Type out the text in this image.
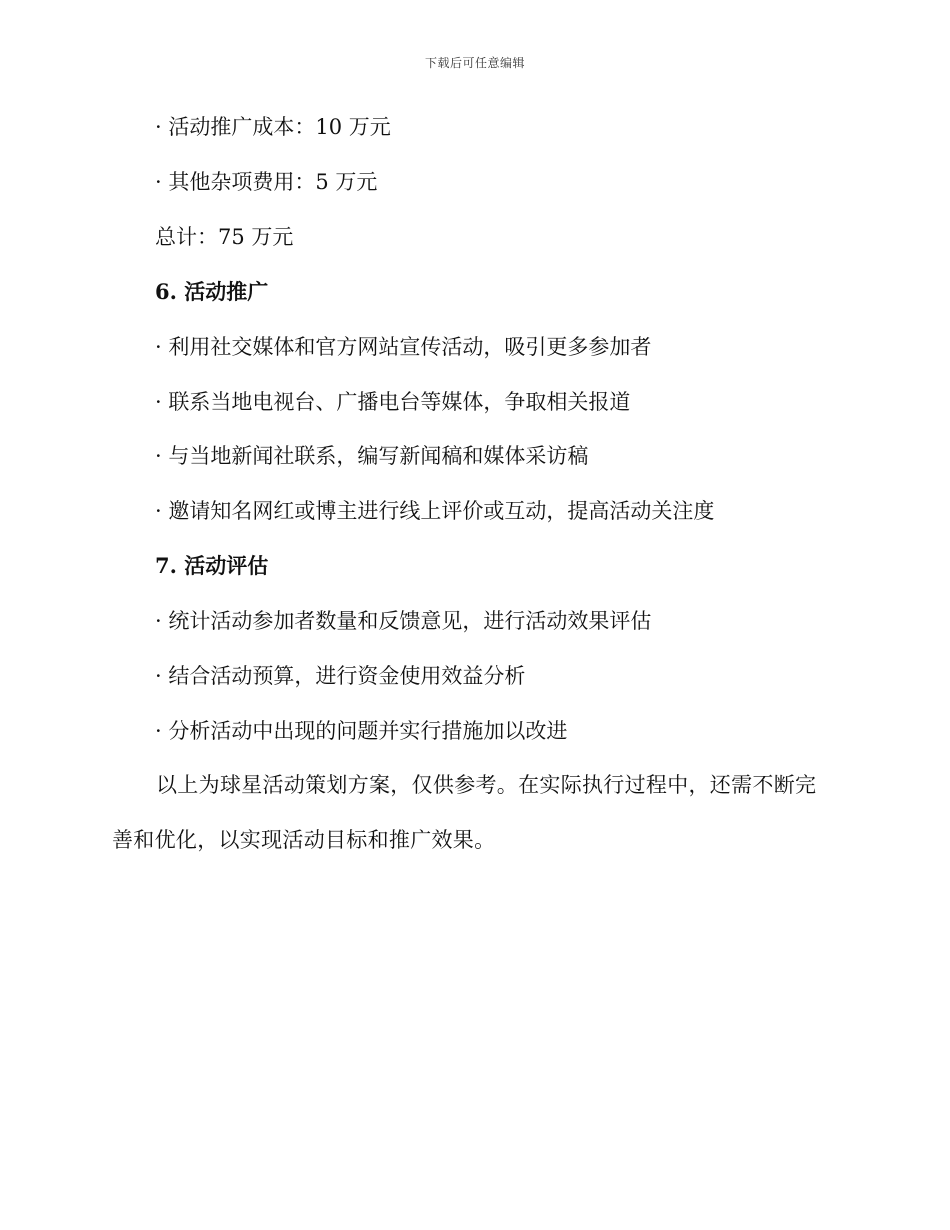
下载后可任意编辑
· 活动推广成本：10 万元
· 其他杂项费用：5 万元
总计：75 万元
6. 活动推广
· 利用社交媒体和官方网站宣传活动，吸引更多参加者
· 联系当地电视台、广播电台等媒体，争取相关报道
· 与当地新闻社联系，编写新闻稿和媒体采访稿
· 邀请知名网红或博主进行线上评价或互动，提高活动关注度
7. 活动评估
· 统计活动参加者数量和反馈意见，进行活动效果评估
· 结合活动预算，进行资金使用效益分析
· 分析活动中出现的问题并实行措施加以改进
以上为球星活动策划方案，仅供参考。在实际执行过程中，还需不断完
善和优化，以实现活动目标和推广效果。
